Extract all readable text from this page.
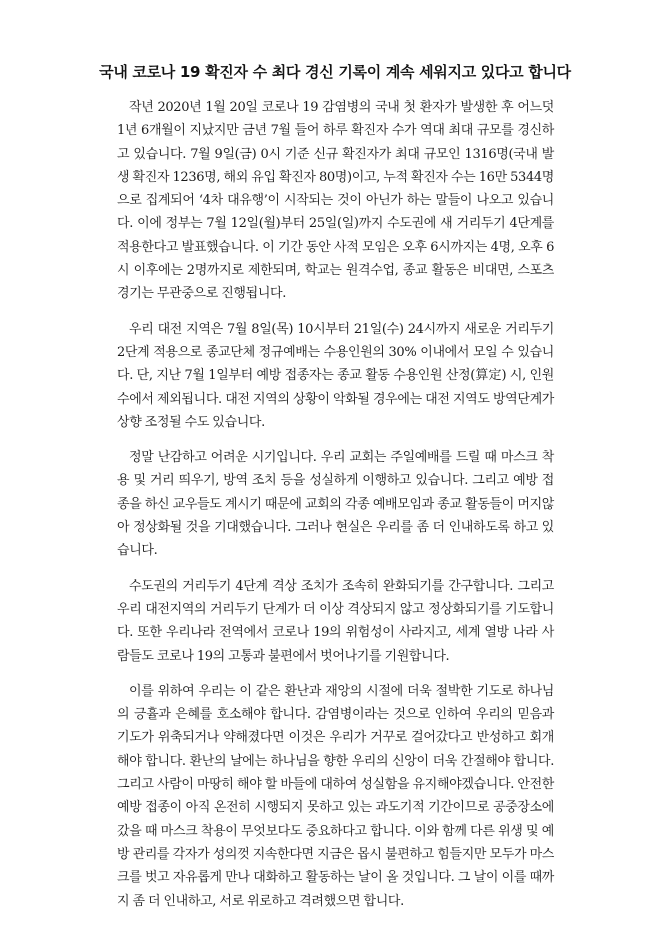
국내 코로나 19 확진자 수 최다 경신 기록이 계속 세워지고 있다고 합니다

작년 2020년 1월 20일 코로나 19 감염병의 국내 첫 환자가 발생한 후 어느덧 1년 6개월이 지났지만 금년 7월 들어 하루 확진자 수가 역대 최대 규모를 경신하고 있습니다. 7월 9일(금) 0시 기준 신규 확진자가 최대 규모인 1316명(국내 발생 확진자 1236명, 해외 유입 확진자 80명)이고, 누적 확진자 수는 16만 5344명으로 집계되어 ‘4차 대유행’이 시작되는 것이 아닌가 하는 말들이 나오고 있습니다. 이에 정부는 7월 12일(월)부터 25일(일)까지 수도권에 새 거리두기 4단계를 적용한다고 발표했습니다. 이 기간 동안 사적 모임은 오후 6시까지는 4명, 오후 6시 이후에는 2명까지로 제한되며, 학교는 원격수업, 종교 활동은 비대면, 스포츠 경기는 무관중으로 진행됩니다.

우리 대전 지역은 7월 8일(목) 10시부터 21일(수) 24시까지 새로운 거리두기 2단계 적용으로 종교단체 정규예배는 수용인원의 30% 이내에서 모일 수 있습니다. 단, 지난 7월 1일부터 예방 접종자는 종교 활동 수용인원 산정(算定) 시, 인원수에서 제외됩니다. 대전 지역의 상황이 악화될 경우에는 대전 지역도 방역단계가 상향 조정될 수도 있습니다.

정말 난감하고 어려운 시기입니다. 우리 교회는 주일예배를 드릴 때 마스크 착용 및 거리 띄우기, 방역 조치 등을 성실하게 이행하고 있습니다. 그리고 예방 접종을 하신 교우들도 계시기 때문에 교회의 각종 예배모임과 종교 활동들이 머지않아 정상화될 것을 기대했습니다. 그러나 현실은 우리를 좀 더 인내하도록 하고 있습니다.

수도권의 거리두기 4단계 격상 조치가 조속히 완화되기를 간구합니다. 그리고 우리 대전지역의 거리두기 단계가 더 이상 격상되지 않고 정상화되기를 기도합니다. 또한 우리나라 전역에서 코로나 19의 위험성이 사라지고, 세계 열방 나라 사람들도 코로나 19의 고통과 불편에서 벗어나기를 기원합니다.

이를 위하여 우리는 이 같은 환난과 재앙의 시절에 더욱 절박한 기도로 하나님의 긍휼과 은혜를 호소해야 합니다. 감염병이라는 것으로 인하여 우리의 믿음과 기도가 위축되거나 약해졌다면 이것은 우리가 거꾸로 걸어갔다고 반성하고 회개해야 합니다. 환난의 날에는 하나님을 향한 우리의 신앙이 더욱 간절해야 합니다. 그리고 사람이 마땅히 해야 할 바들에 대하여 성실함을 유지해야겠습니다. 안전한 예방 접종이 아직 온전히 시행되지 못하고 있는 과도기적 기간이므로 공중장소에 갔을 때 마스크 착용이 무엇보다도 중요하다고 합니다. 이와 함께 다른 위생 및 예방 관리를 각자가 성의껏 지속한다면 지금은 몹시 불편하고 힘들지만 모두가 마스크를 벗고 자유롭게 만나 대화하고 활동하는 날이 올 것입니다. 그 날이 이를 때까지 좀 더 인내하고, 서로 위로하고 격려했으면 합니다.
